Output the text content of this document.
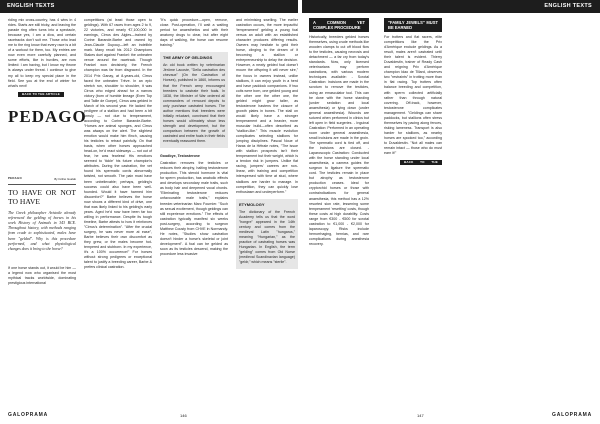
ENGLISH TEXTS	ENGLISH TEXTS

riding mix cross-country, has 4 wins in 4 rides. Starts are still tricky, and leaving the parade ring often turns into a spectacle, because yes, I am a diva, and certain racetracks don't suit me. Those who lead me to the ring know that every race is a bit of a workout for them, too. My entries are now even more carefully planned, and some efforts, like in hurdles, are now limited: I am having, but I know my throne is always under threat. I continue to give my all to keep my special place in the field. See you at the end of winter for what's next!

BACK TO THE ARTICLE
PEDAGO
PEDAGO	By Céline Gualde
TO HAVE OR NOT TO HAVE
The Greek philosopher Aristotle already referenced the gelding of horses in his work History of Animals in 343 BCE. Throughout history, with methods ranging from crude to sophisticated, males have been "gelded". Why is this procedure performed, and what physiological changes does it bring to the horse?

If one horse stands out, it would be him — a legend now who organised the most mythical tracks worldwide, dominating prestigious international

competitions (at least those open to geldings). With 67 races from ages 2 to 9, 22 victories, and nearly €7,100,000 in earnings, Cirrus des Aigles—trained by Corine Barande-Barbe and owned by Jean-Claude Dupouy—left an indelible mark. Many recall his 2012 Champions Stakes duel against Frankel: the unbeaten venue around the racetrack. Though Frankel won decisively, the French champion was far from disgraced. In the 2014 Prix Ganay, at 8-years-old, Cirrus faced the unbeaten Trêve. In an epic stretch run, shoulder to shoulder, it was Cirrus who edged ahead for a narrow victory (born of humble lineage (Even Top and Taille de Guepe), Cirrus was gelded in March of his second year. He lacked the pedigree of a stallion and had been a bit unruly — not due to temperament, according to Corine Barande-Barbe. "Horses are animal sponges, and Cirrus was always on the alert. The slightest emotion would make him flinch, causing his testicles to retract painfully. On that basis, when other horses approached head-on, he'd react sideways — not out of fear, he was fearless! His emotions seemed to 'tickle' his future champion's attributes. During the castration, the vet found his spermatic cords abnormally twisted, not smooth. The pain must have been unbelievable; perhaps, gelding's success could also have been well-founded. Would it have harmed him discomfort?" Barbe believes the horse now shows a different kind of drive, one that was likely linked to his gelding's early years. Aged he'd now have been far too willing in performance. Despite its tough timeline, Barbe attests to how it reinforces "Cirrus's determination". "After the crucial surgery, he was never more at ease", Barbe believes their own discomfort as they grew, or the males become hot-tempered and stubborn. In my experience, it's a 100% occurrence!" For horses without strong pedigrees or exceptional talent to justify a breeding career, Barbe & prefers clinical castration.

"It's quick procedure—open, remove, close. Post-operation, I'll wait a waiting period for anaesthetics and with their anatomy drugs to clear, but after eight days of walking, the horse can resume training."

THE ARMY OF GELDINGS
An old book written by veterinarian Jérôme Lacoste, "Della castration des chevaux" (On the Castration of Horses), published in 1860, informs us that the French army encouraged breeders to castrate their foals. In 1838, the Minister of War ordered all commanders of remount depots to only purchase castrated horses. The author mentions that breeders were initially reluctant, convinced that their horses would ultimately show less strength and development, but the comparison between the growth of castrated and entire foals in their fields eventually reassured them.
Goodbye, Testosterone

Castration removes the testicles or reduces their atrophy, halting testosterone production. This steroid hormone is vital for sperm production, has anabolic effects and develops secondary male traits, such as body hair and deepened vocal chords. "Eliminating testosterone reduces unfavourable male traits," explains breeder-veterinarian Marc Fournier. "Such as sexual excitement, though geldings can still experience erections." The effects of castration typically manifest six weeks post-surgery, according to surgeon Matthew Cousty from CHVE in Normandy. He notes, "Studies show castration doesn't hinder a horse's skeletal or joint development". A foal can be gelded as soon as its testicles descend, making the procedure less invasive

and minimising swelling. The earlier castration occurs, the more impactful 'temperament' gelding a young foal versus an adult with an established character produces differing results. Owners may hesitate to geld their horse, clinging to the dream of it becoming a stallion or entrepreneurship to delay the decision. However, a newly gelded foal doesn't mourn the offspring it will never sire," the focus in owners instead, unlike stallions, it can enjoy youth in a herd and have paddock companions. If two colts were born, one gelded young and the other one the other one, the gelded might grow taller, as testosterone hastens the closure of growth plates in bones. The stall on would likely have a stronger temperament and a heavier, more muscular build—often described as "stallion-like." This muscle evolution complicates selecting stallions for jumping disciplines. Pascal Noue of Haras de la Hêtraie notes, "The issue with stallion prospects isn't their temperament but their weight, which is a tendon risk in jumpers. Unlike flat racing, jumpers' careers are non-linear, with training and competition interspersed with time at stud, where stallions are harder to manage. In competition, they can quickly lose enthusiasm and underperform."

ETYMOLOGY
The dictionary of the French Academy tells us that the word "hongre" appeared in the 14th century and comes from the medieval Latin "hungarus," meaning "Hungarian," as the practice of castrating horses was Hungarian. In English, the term "gelding" comes from Old Norse (medieval Scandinavian language) "geldr," which means "sterile".
A COMMON YET COMPLEX PROCEDURE

Historically, breeders gelded horses themselves, using crude methods like wooden clamps to cut off blood flow to the testicles, causing necrosis and detachment — a far cry from today's standards. Now, only licensed veterinarians may perform castrations, with various modern techniques available: - Scrotal Castration: Incisions are made in the scrotum to remove the testicles, using an emasculator tool. This can be done with the horse standing (under sedation and local anaesthesia) or lying down (under general anaesthesia). Wounds are sutured when performed in clinics but left open in field surgeries. - Inguinal Castration: Performed in an operating room under general anaesthesia, small incisions are made in the groin. The spermatic cord is tied off, and the incisions are closed. - Laparoscopic Castration: Conducted with the horse standing under local anaesthesia, a camera guides the surgeon to ligature the spermatic cord. The testicles remain in place but atrophy as testosterone production ceases. Ideal for cryptorchid horses or those with contraindications for general anaesthesia, this method has a 12% resorted sion rate, lessening some temperament 'resetting' costs, though these costs at high durability. Costs range from €300 - €500 for scrotal castration to €1,000 - €2,000 for laparoscopy. Risks include hemorrhaging, hernias, and rare complications during anesthesia recovery.

"FAMILY JEWELS" MUST BE EARNED

For trotters and flat racers, elite competitions like the Prix d'Amérique exclude geldings. As a result, males aren't castrated until their talent is evident. Thierry Duvaldestin, trainer of Ready Cash and reigning Prix d'Amérique champion Idao de Tillard, observes two "restraints" in trotting more than in flat racing. Top trotters often balance breeding and competition, with sperm collected artificially rather than through natural covering. Off-track, however, testosterone complicates management. "Geldings can share paddocks, but stallions often stress themselves by pacing along fences, risking lameness. Transport is also harder for stallions, as nearby horses are spooked too," according to Duvaldestin. "Not all males can remain intact — those who do must earn it!"

BACK TO THE ARTICLE
GALOPRAMA	146	147	GALOPRAMA
